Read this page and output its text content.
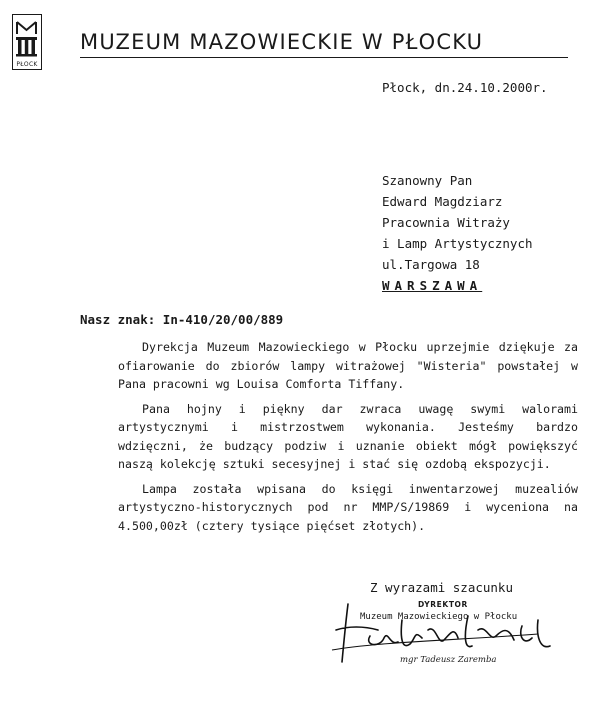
PŁOCK
MUZEUM MAZOWIECKIE W PŁOCKU
Płock, dn.24.10.2000r.
Szanowny Pan
Edward Magdziarz
Pracownia Witraży
i Lamp Artystycznych
ul.Targowa 18
WARSZAWA
Nasz znak: In-410/20/00/889

Dyrekcja Muzeum Mazowieckiego w Płocku uprzejmie dziękuje za ofiarowanie do zbiorów lampy witrażowej "Wisteria" powstałej w Pana pracowni wg Louisa Comforta Tiffany.

Pana hojny i piękny dar zwraca uwagę swymi walorami artystycznymi i mistrzostwem wykonania. Jesteśmy bardzo wdzięczni, że budzący podziw i uznanie obiekt mógł powiększyć naszą kolekcję sztuki secesyjnej i stać się ozdobą ekspozycji.

Lampa została wpisana do księgi inwentarzowej muzealiów artystyczno-historycznych pod nr MMP/S/19869 i wyceniona na 4.500,00zł (cztery tysiące pięćset złotych).

Z wyrazami szacunku
DYREKTOR
Muzeum Mazowieckiego w Płocku
mgr Tadeusz Zaremba
